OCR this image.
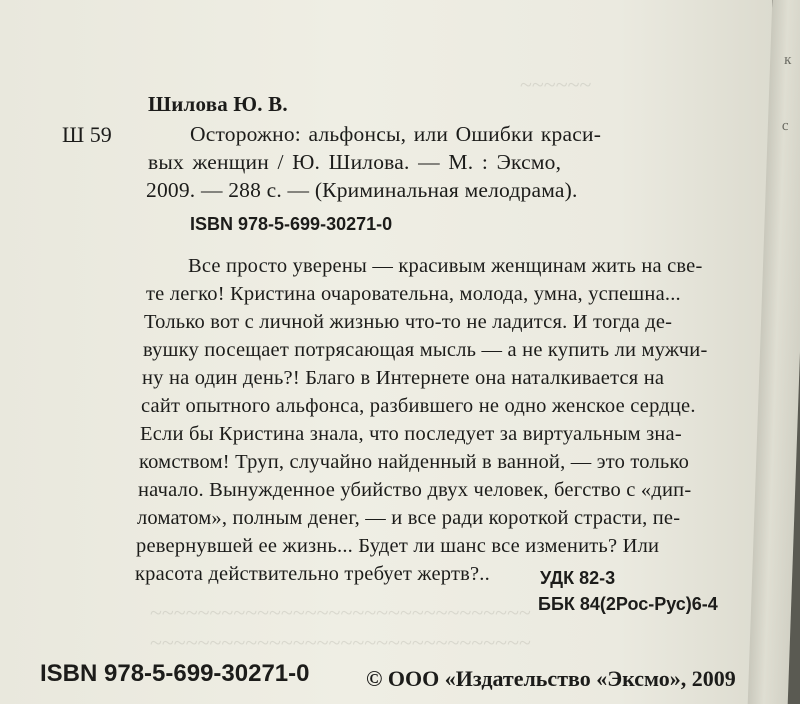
~~~~~~
Шилова Ю. В.
Ш 59	Осторожно: альфонсы, или Ошибки краси-
вых женщин / Ю. Шилова. — М. : Эксмо,
2009. — 288 с. — (Криминальная мелодрама).
ISBN 978-5-699-30271-0
Все просто уверены — красивым женщинам жить на све-
те легко! Кристина очаровательна, молода, умна, успешна...
Только вот с личной жизнью что-то не ладится. И тогда де-
вушку посещает потрясающая мысль — а не купить ли мужчи-
ну на один день?! Благо в Интернете она наталкивается на
сайт опытного альфонса, разбившего не одно женское сердце.
Если бы Кристина знала, что последует за виртуальным зна-
комством! Труп, случайно найденный в ванной, — это только
начало. Вынужденное убийство двух человек, бегство с «дип-
ломатом», полным денег, — и все ради короткой страсти, пе-
ревернувшей ее жизнь... Будет ли шанс все изменить? Или
красота действительно требует жертв?..	УДК 82-3
ББК 84(2Рос-Рус)6-4
~~~~~~~~~~~~~~~~~~~~~~~~~~~~~~~~
~~~~~~~~~~~~~~~~~~~~~~~~~~~~~~~~
ISBN 978-5-699-30271-0	© ООО «Издательство «Эксмо», 2009
к
с
